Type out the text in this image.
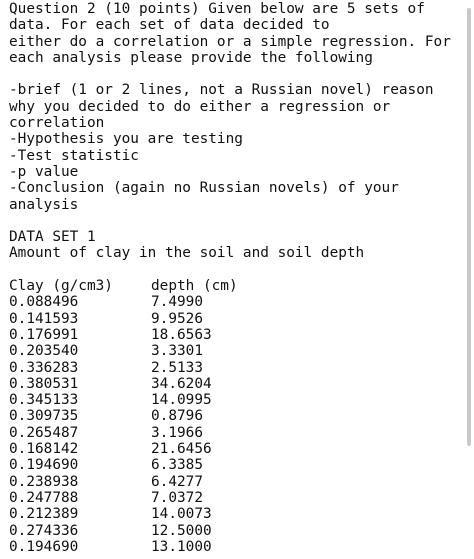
Question 2 (10 points) Given below are 5 sets of
data. For each set of data decided to
either do a correlation or a simple regression. For
each analysis please provide the following
-brief (1 or 2 lines, not a Russian novel) reason
why you decided to do either a regression or
correlation
-Hypothesis you are testing
-Test statistic
-p value
-Conclusion (again no Russian novels) of your
analysis
DATA SET 1
Amount of clay in the soil and soil depth
Clay (g/cm3)	depth (cm)
0.088496	7.4990
0.141593	9.9526
0.176991	18.6563
0.203540	3.3301
0.336283	2.5133
0.380531	34.6204
0.345133	14.0995
0.309735	0.8796
0.265487	3.1966
0.168142	21.6456
0.194690	6.3385
0.238938	6.4277
0.247788	7.0372
0.212389	14.0073
0.274336	12.5000
0.194690	13.1000
